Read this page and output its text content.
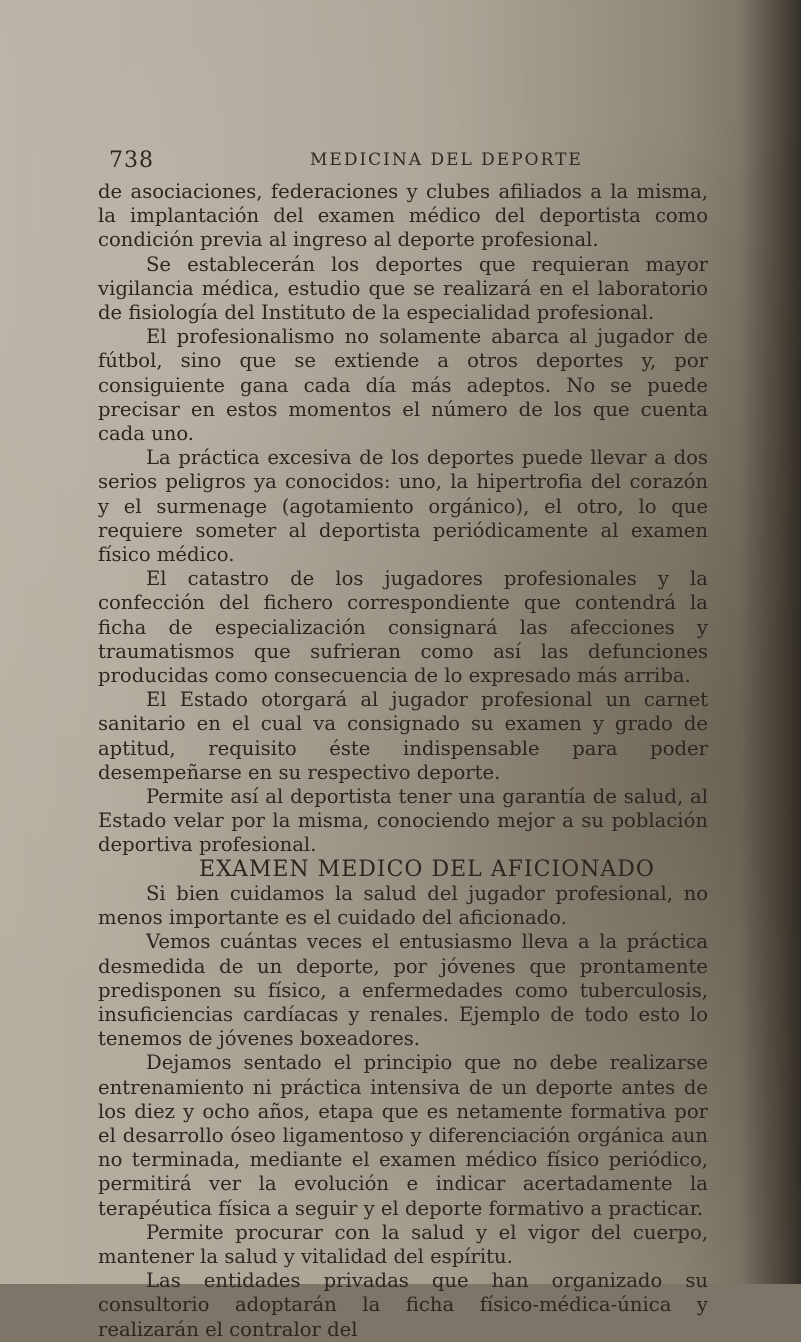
738	MEDICINA DEL DEPORTE

de asociaciones, federaciones y clubes afiliados a la misma, la implantación del examen médico del deportista como condición previa al ingreso al deporte profesional.

Se establecerán los deportes que requieran mayor vigilancia médica, estudio que se realizará en el laboratorio de fisiología del Instituto de la especialidad profesional.

El profesionalismo no solamente abarca al jugador de fútbol, sino que se extiende a otros deportes y, por consiguiente gana cada día más adeptos. No se puede precisar en estos momentos el número de los que cuenta cada uno.

La práctica excesiva de los deportes puede llevar a dos serios peligros ya conocidos: uno, la hipertrofia del corazón y el surmenage (agotamiento orgánico), el otro, lo que requiere someter al deportista periódicamente al examen físico médico.

El catastro de los jugadores profesionales y la confección del fichero correspondiente que contendrá la ficha de especialización consignará las afecciones y traumatismos que sufrieran como así las defunciones producidas como consecuencia de lo expresado más arriba.

El Estado otorgará al jugador profesional un carnet sanitario en el cual va consignado su examen y grado de aptitud, requisito éste indispensable para poder desempeñarse en su respectivo deporte.

Permite así al deportista tener una garantía de salud, al Estado velar por la misma, conociendo mejor a su población deportiva profesional.

EXAMEN MEDICO DEL AFICIONADO

Si bien cuidamos la salud del jugador profesional, no menos importante es el cuidado del aficionado.

Vemos cuántas veces el entusiasmo lleva a la práctica desmedida de un deporte, por jóvenes que prontamente predisponen su físico, a enfermedades como tuberculosis, insuficiencias cardíacas y renales. Ejemplo de todo esto lo tenemos de jóvenes boxeadores.

Dejamos sentado el principio que no debe realizarse entrenamiento ni práctica intensiva de un deporte antes de los diez y ocho años, etapa que es netamente formativa por el desarrollo óseo ligamentoso y diferenciación orgánica aun no terminada, mediante el examen médico físico periódico, permitirá ver la evolución e indicar acertadamente la terapéutica física a seguir y el deporte formativo a practicar.

Permite procurar con la salud y el vigor del cuerpo, mantener la salud y vitalidad del espíritu.

Las entidades privadas que han organizado su consultorio adoptarán la ficha físico-médica-única y realizarán el contralor del
